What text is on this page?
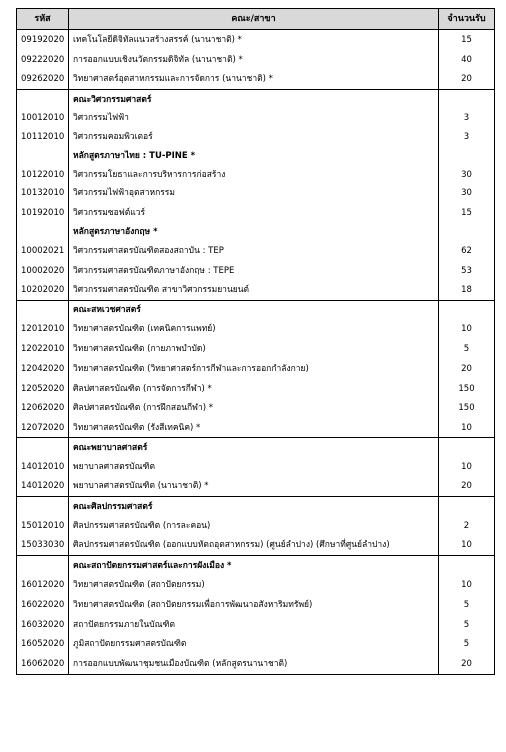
รหัส	คณะ/สาขา	จำนวนรับ
09192020	เทคโนโลยีดิจิทัลแนวสร้างสรรค์ (นานาชาติ) *	15
09222020	การออกแบบเชิงนวัตกรรมดิจิทัล (นานาชาติ) *	40
09262020	วิทยาศาสตร์อุตสาหกรรมและการจัดการ (นานาชาติ) *	20
	คณะวิศวกรรมศาสตร์	
10012010	วิศวกรรมไฟฟ้า	3
10112010	วิศวกรรมคอมพิวเตอร์	3
	หลักสูตรภาษาไทย : TU-PINE *	
10122010	วิศวกรรมโยธาและการบริหารการก่อสร้าง	30
10132010	วิศวกรรมไฟฟ้าอุตสาหกรรม	30
10192010	วิศวกรรมซอฟต์แวร์	15
	หลักสูตรภาษาอังกฤษ *	
10002021	วิศวกรรมศาสตรบัณฑิตสองสถาบัน : TEP	62
10002020	วิศวกรรมศาสตรบัณฑิตภาษาอังกฤษ : TEPE	53
10202020	วิศวกรรมศาสตรบัณฑิต สาขาวิศวกรรมยานยนต์	18
	คณะสหเวชศาสตร์	
12012010	วิทยาศาสตรบัณฑิต (เทคนิคการแพทย์)	10
12022010	วิทยาศาสตรบัณฑิต (กายภาพบำบัด)	5
12042020	วิทยาศาสตรบัณฑิต (วิทยาศาสตร์การกีฬาและการออกกำลังกาย)	20
12052020	ศิลปศาสตรบัณฑิต (การจัดการกีฬา) *	150
12062020	ศิลปศาสตรบัณฑิต (การฝึกสอนกีฬา) *	150
12072020	วิทยาศาสตรบัณฑิต (รังสีเทคนิค) *	10
	คณะพยาบาลศาสตร์	
14012010	พยาบาลศาสตรบัณฑิต	10
14012020	พยาบาลศาสตรบัณฑิต (นานาชาติ) *	20
	คณะศิลปกรรมศาสตร์	
15012010	ศิลปกรรมศาสตรบัณฑิต (การละคอน)	2
15033030	ศิลปกรรมศาสตรบัณฑิต (ออกแบบหัตถอุตสาหกรรม) (ศูนย์ลำปาง) (ศึกษาที่ศูนย์ลำปาง)	10
	คณะสถาปัตยกรรมศาสตร์และการผังเมือง *	
16012020	วิทยาศาสตรบัณฑิต (สถาปัตยกรรม)	10
16022020	วิทยาศาสตรบัณฑิต (สถาปัตยกรรมเพื่อการพัฒนาอสังหาริมทรัพย์)	5
16032020	สถาปัตยกรรมภายในบัณฑิต	5
16052020	ภูมิสถาปัตยกรรมศาสตรบัณฑิต	5
16062020	การออกแบบพัฒนาชุมชนเมืองบัณฑิต (หลักสูตรนานาชาติ)	20
